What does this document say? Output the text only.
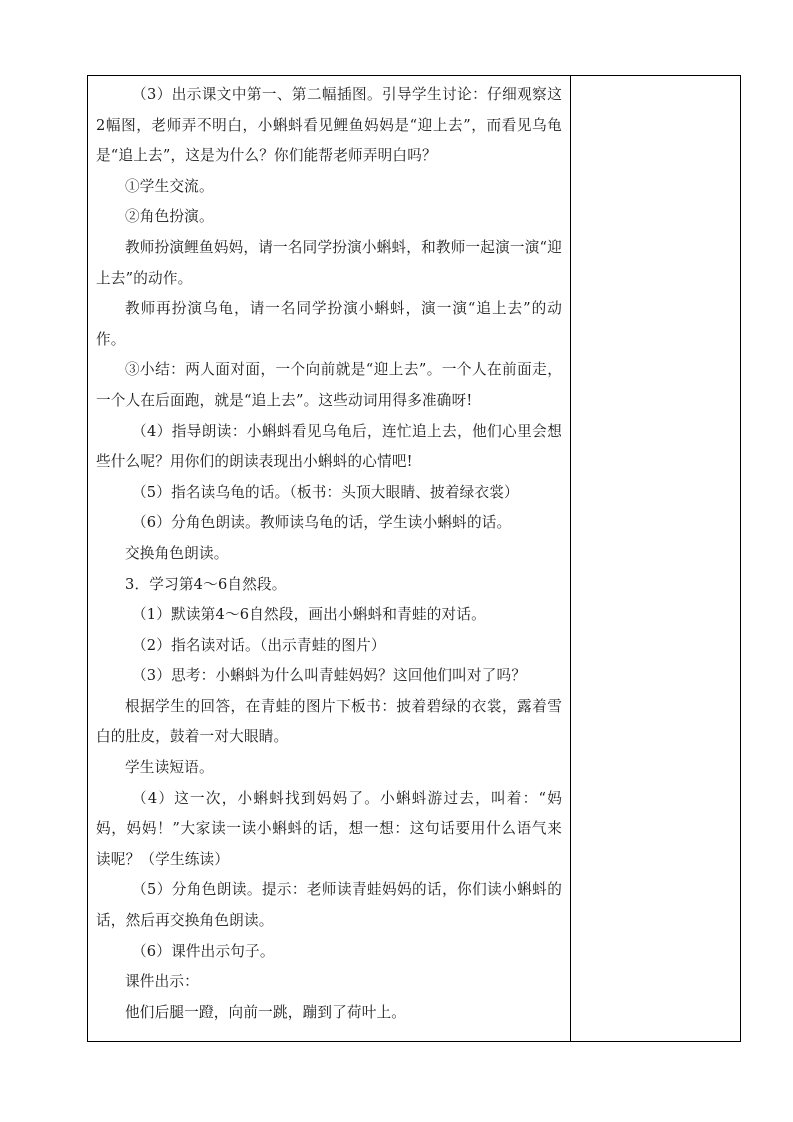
（3）出示课文中第一、第二幅插图。引导学生讨论：仔细观察这2幅图，老师弄不明白，小蝌蚪看见鲤鱼妈妈是“迎上去”，而看见乌龟是“追上去”，这是为什么？你们能帮老师弄明白吗？

①学生交流。

②角色扮演。

教师扮演鲤鱼妈妈，请一名同学扮演小蝌蚪，和教师一起演一演“迎上去”的动作。

教师再扮演乌龟，请一名同学扮演小蝌蚪，演一演“追上去”的动作。

③小结：两人面对面，一个向前就是“迎上去”。一个人在前面走，一个人在后面跑，就是“追上去”。这些动词用得多准确呀!

（4）指导朗读：小蝌蚪看见乌龟后，连忙追上去，他们心里会想些什么呢？用你们的朗读表现出小蝌蚪的心情吧!

（5）指名读乌龟的话。（板书：头顶大眼睛、披着绿衣裳）

（6）分角色朗读。教师读乌龟的话，学生读小蝌蚪的话。

交换角色朗读。

3．学习第4～6自然段。

（1）默读第4～6自然段，画出小蝌蚪和青蛙的对话。

（2）指名读对话。（出示青蛙的图片）

（3）思考：小蝌蚪为什么叫青蛙妈妈？这回他们叫对了吗？

根据学生的回答，在青蛙的图片下板书：披着碧绿的衣裳，露着雪白的肚皮，鼓着一对大眼睛。

学生读短语。

（4）这一次，小蝌蚪找到妈妈了。小蝌蚪游过去，叫着：“妈妈，妈妈！”大家读一读小蝌蚪的话，想一想：这句话要用什么语气来读呢？（学生练读）

（5）分角色朗读。提示：老师读青蛙妈妈的话，你们读小蝌蚪的话，然后再交换角色朗读。

（6）课件出示句子。

课件出示：

他们后腿一蹬，向前一跳，蹦到了荷叶上。
